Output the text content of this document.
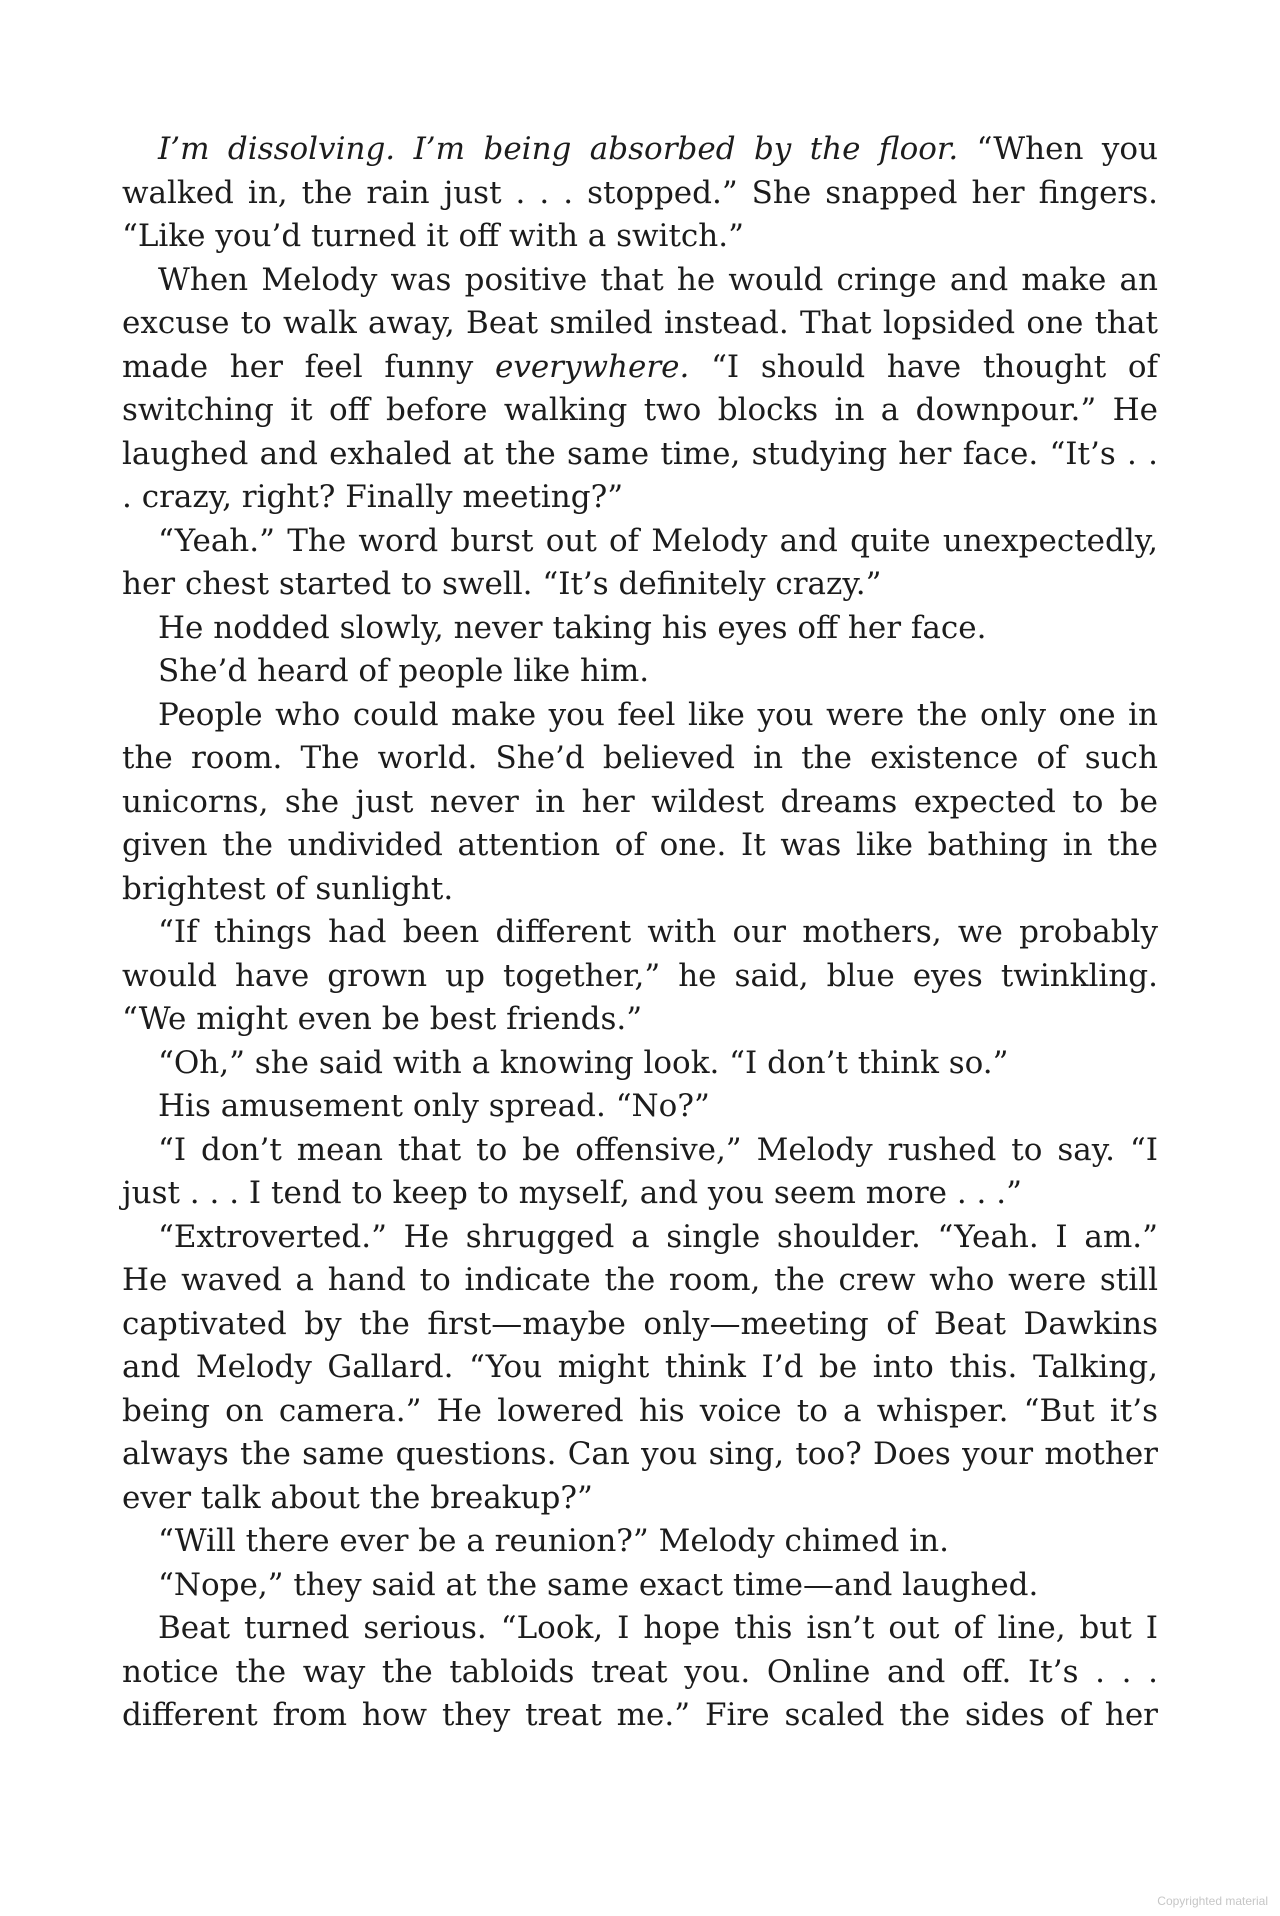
I’m dissolving. I’m being absorbed by the floor. “When you walked in, the rain just . . . stopped.” She snapped her fingers. “Like you’d turned it off with a switch.”

When Melody was positive that he would cringe and make an excuse to walk away, Beat smiled instead. That lopsided one that made her feel funny everywhere. “I should have thought of switching it off before walking two blocks in a downpour.” He laughed and exhaled at the same time, studying her face. “It’s . . . crazy, right? Finally meeting?”

“Yeah.” The word burst out of Melody and quite unexpectedly, her chest started to swell. “It’s definitely crazy.”

He nodded slowly, never taking his eyes off her face.

She’d heard of people like him.

People who could make you feel like you were the only one in the room. The world. She’d believed in the existence of such unicorns, she just never in her wildest dreams expected to be given the undivided attention of one. It was like bathing in the brightest of sunlight.

“If things had been different with our mothers, we probably would have grown up together,” he said, blue eyes twinkling. “We might even be best friends.”

“Oh,” she said with a knowing look. “I don’t think so.”

His amusement only spread. “No?”

“I don’t mean that to be offensive,” Melody rushed to say. “I just . . . I tend to keep to myself, and you seem more . . .”

“Extroverted.” He shrugged a single shoulder. “Yeah. I am.” He waved a hand to indicate the room, the crew who were still captivated by the first—maybe only—meeting of Beat Dawkins and Melody Gallard. “You might think I’d be into this. Talking, being on camera.” He lowered his voice to a whisper. “But it’s always the same questions. Can you sing, too? Does your mother ever talk about the breakup?”

“Will there ever be a reunion?” Melody chimed in.

“Nope,” they said at the same exact time—and laughed.

Beat turned serious. “Look, I hope this isn’t out of line, but I notice the way the tabloids treat you. Online and off. It’s . . . different from how they treat me.” Fire scaled the sides of her

Copyrighted material
